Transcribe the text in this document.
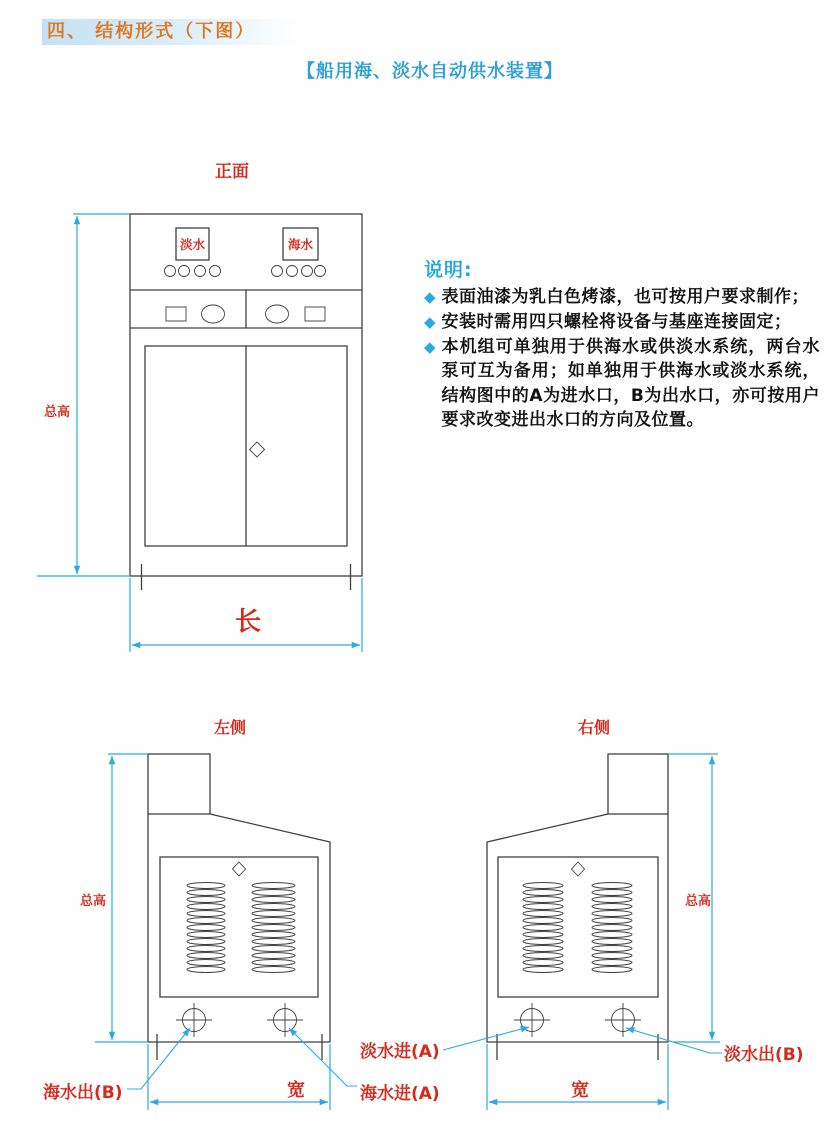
四、 结构形式（下图）
【船用海、淡水自动供水装置】
说明:
◆ 表面油漆为乳白色烤漆，也可按用户要求制作；
◆ 安装时需用四只螺栓将设备与基座连接固定；
◆ 本机组可单独用于供海水或供淡水系统，两台水泵可互为备用；如单独用于供海水或淡水系统，结构图中的A为进水口，B为出水口，亦可按用户要求改变进出水口的方向及位置。
正面
淡水	海水
总高
长
左侧
总高
宽
海水出(B)	海水进(A)
右侧
总高
宽
淡水进(A)	淡水出(B)
